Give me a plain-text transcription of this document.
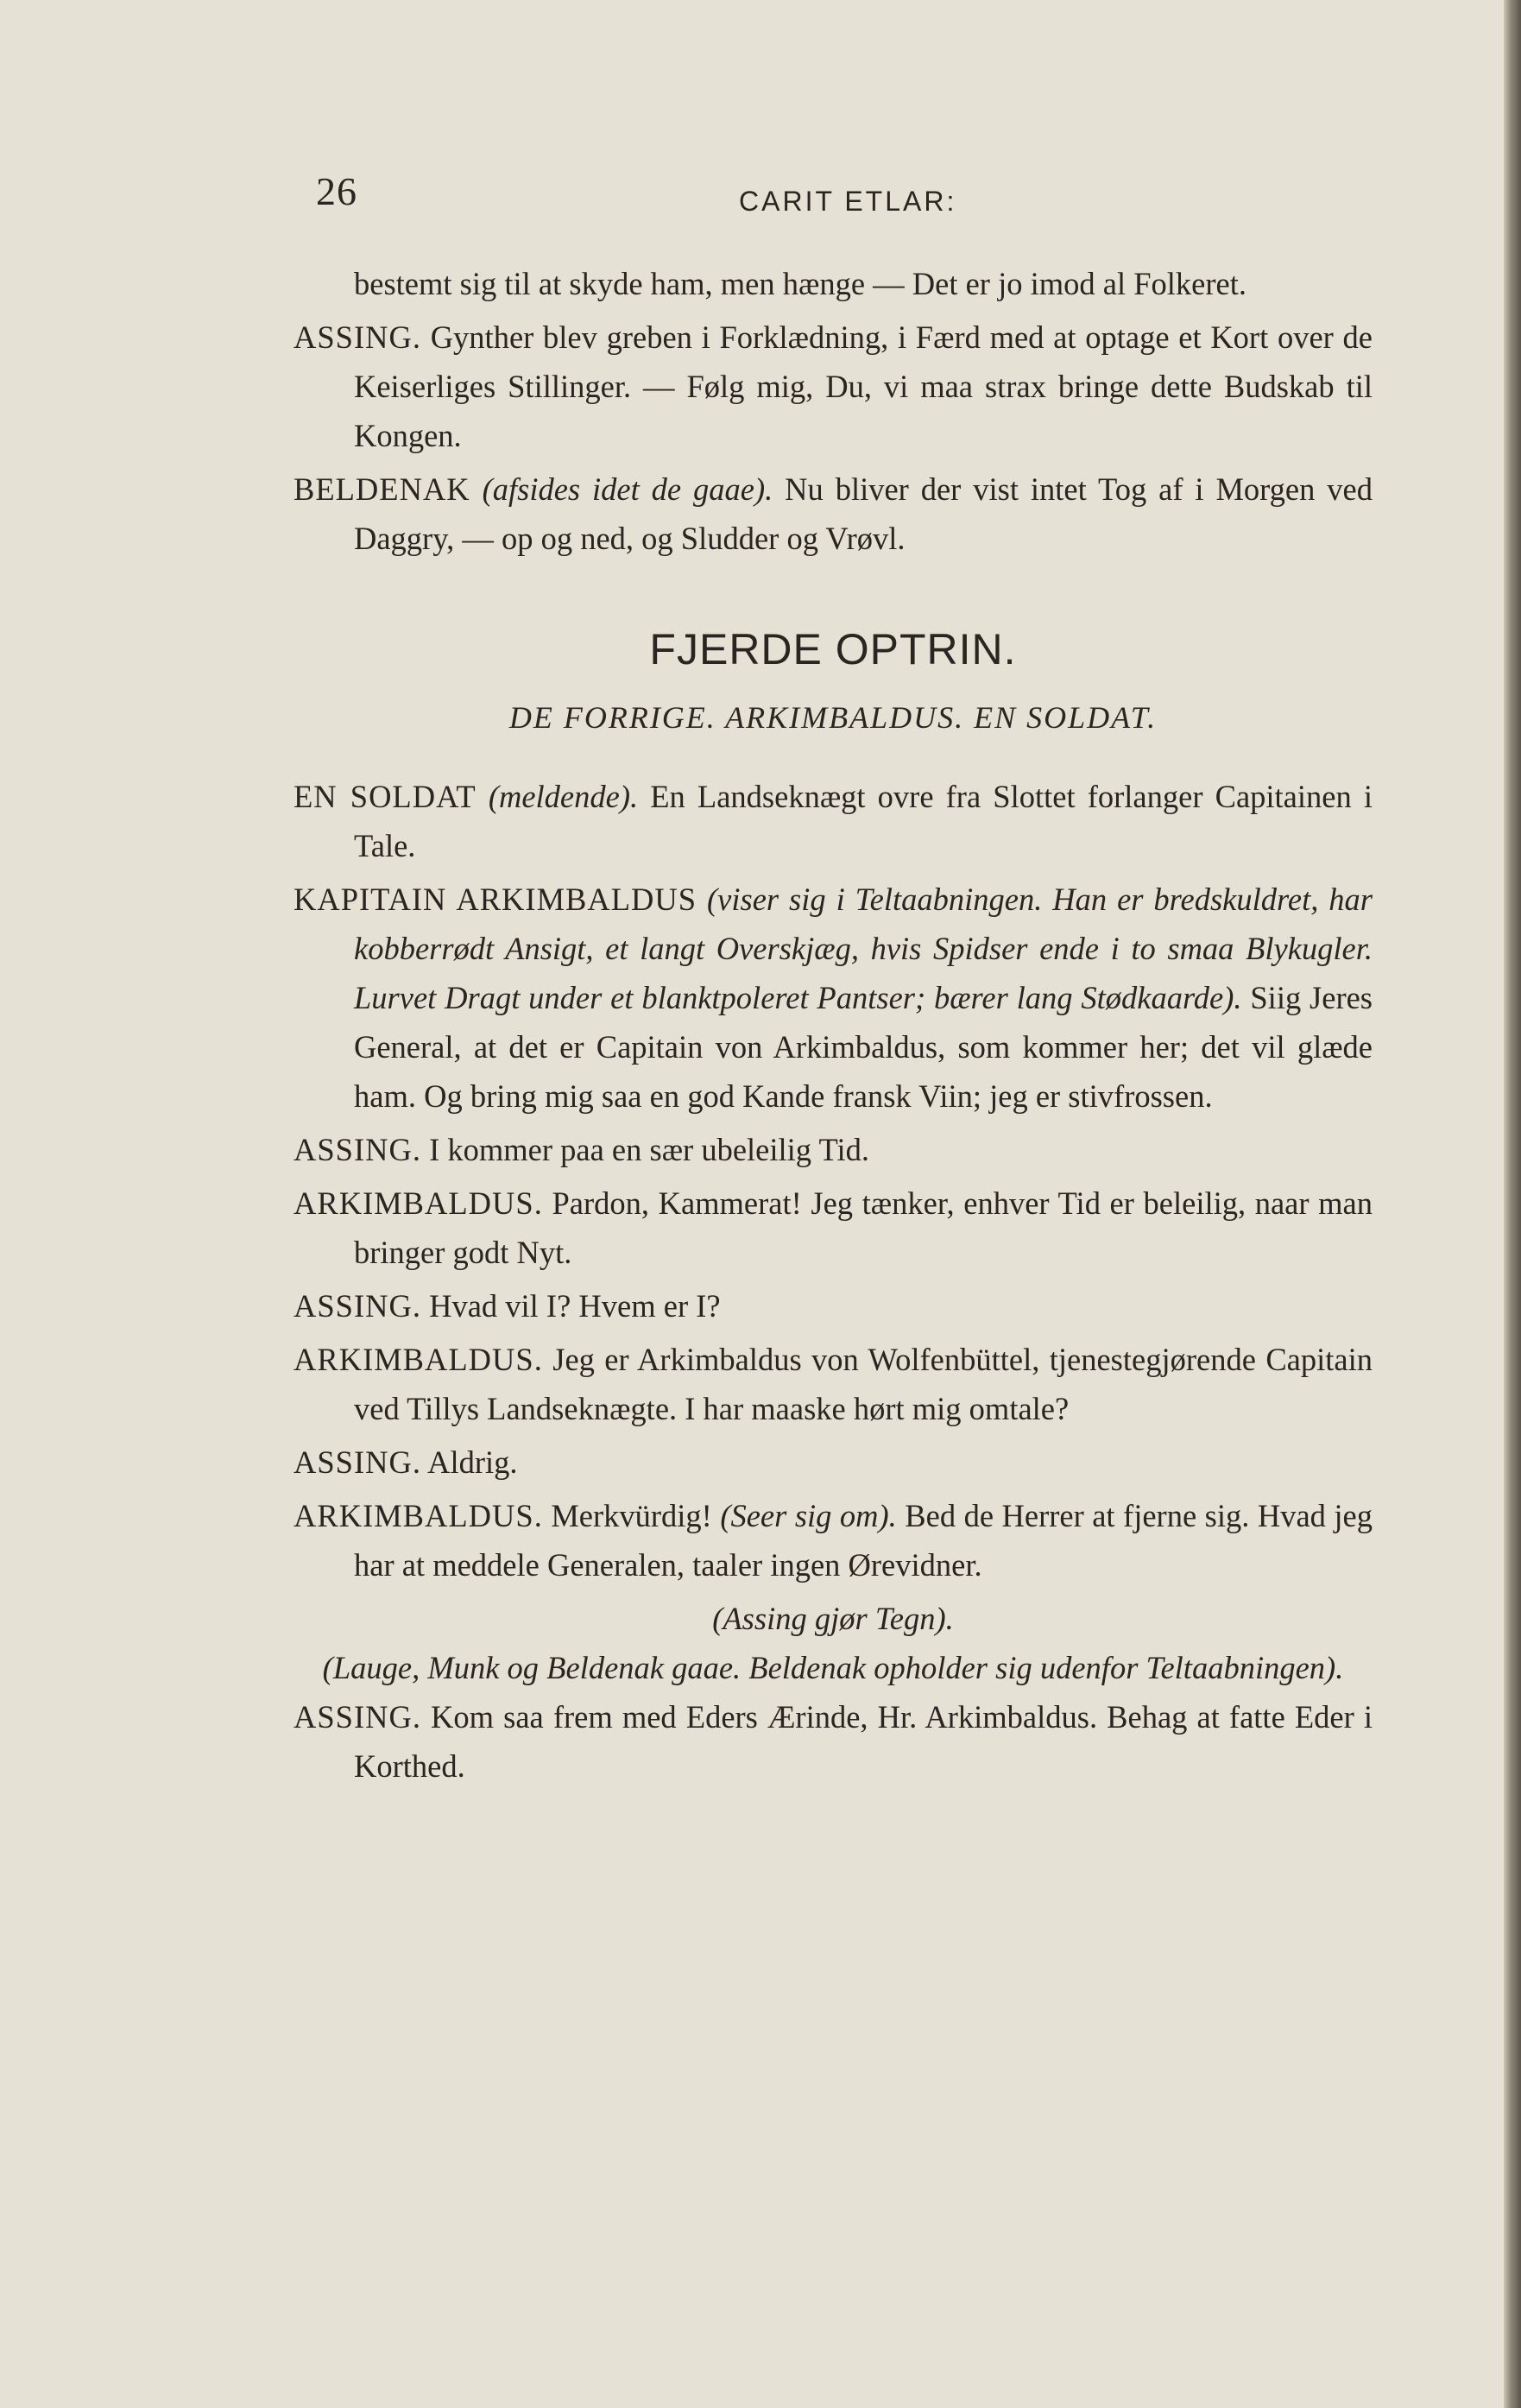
26	CARIT ETLAR:

bestemt sig til at skyde ham, men hænge — Det er jo imod al Folkeret.

ASSING. Gynther blev greben i Forklædning, i Færd med at optage et Kort over de Keiserliges Stillinger. — Følg mig, Du, vi maa strax bringe dette Budskab til Kongen.

BELDENAK (afsides idet de gaae). Nu bliver der vist intet Tog af i Morgen ved Daggry, — op og ned, og Sludder og Vrøvl.

FJERDE OPTRIN.

DE FORRIGE. ARKIMBALDUS. EN SOLDAT.

EN SOLDAT (meldende). En Landseknægt ovre fra Slottet forlanger Capitainen i Tale.

KAPITAIN ARKIMBALDUS (viser sig i Teltaabningen. Han er bredskuldret, har kobberrødt Ansigt, et langt Overskjæg, hvis Spidser ende i to smaa Blykugler. Lurvet Dragt under et blanktpoleret Pantser; bærer lang Stødkaarde). Siig Jeres General, at det er Capitain von Arkimbaldus, som kommer her; det vil glæde ham. Og bring mig saa en god Kande fransk Viin; jeg er stivfrossen.

ASSING. I kommer paa en sær ubeleilig Tid.

ARKIMBALDUS. Pardon, Kammerat! Jeg tænker, enhver Tid er beleilig, naar man bringer godt Nyt.

ASSING. Hvad vil I? Hvem er I?

ARKIMBALDUS. Jeg er Arkimbaldus von Wolfenbüttel, tjenestegjørende Capitain ved Tillys Landseknægte. I har maaske hørt mig omtale?

ASSING. Aldrig.

ARKIMBALDUS. Merkvürdig! (Seer sig om). Bed de Herrer at fjerne sig. Hvad jeg har at meddele Generalen, taaler ingen Ørevidner.

(Assing gjør Tegn).

(Lauge, Munk og Beldenak gaae. Beldenak opholder sig udenfor Teltaabningen).

ASSING. Kom saa frem med Eders Ærinde, Hr. Arkimbaldus. Behag at fatte Eder i Korthed.
